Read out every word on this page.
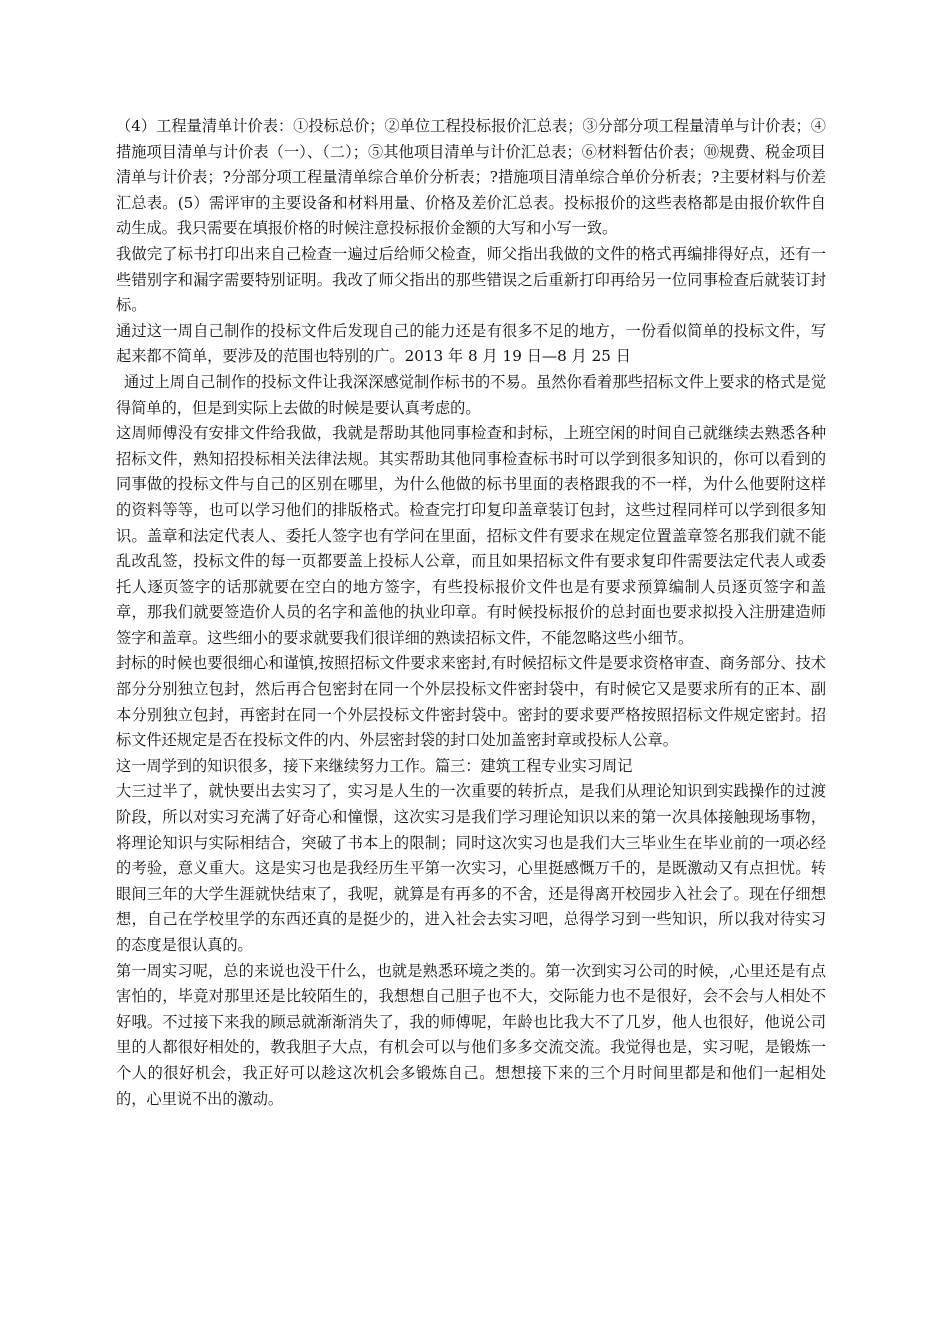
（4）工程量清单计价表：①投标总价；②单位工程投标报价汇总表；③分部分项工程量清单与计价表；④措施项目清单与计价表（一）、（二）；⑤其他项目清单与计价汇总表；⑥材料暂估价表；⑩规费、税金项目清单与计价表；?分部分项工程量清单综合单价分析表；?措施项目清单综合单价分析表；?主要材料与价差汇总表。(5）需评审的主要设备和材料用量、价格及差价汇总表。投标报价的这些表格都是由报价软件自动生成。我只需要在填报价格的时候注意投标报价金额的大写和小写一致。

我做完了标书打印出来自己检查一遍过后给师父检查，师父指出我做的文件的格式再编排得好点，还有一些错别字和漏字需要特别证明。我改了师父指出的那些错误之后重新打印再给另一位同事检查后就装订封标。

通过这一周自己制作的投标文件后发现自己的能力还是有很多不足的地方，一份看似简单的投标文件，写起来都不简单，要涉及的范围也特别的广。2013 年 8 月 19 日—8 月 25 日

通过上周自己制作的投标文件让我深深感觉制作标书的不易。虽然你看着那些招标文件上要求的格式是觉得简单的，但是到实际上去做的时候是要认真考虑的。

这周师傅没有安排文件给我做，我就是帮助其他同事检查和封标，上班空闲的时间自己就继续去熟悉各种招标文件，熟知招投标相关法律法规。其实帮助其他同事检查标书时可以学到很多知识的，你可以看到的同事做的投标文件与自己的区别在哪里，为什么他做的标书里面的表格跟我的不一样，为什么他要附这样的资料等等，也可以学习他们的排版格式。检查完打印复印盖章装订包封，这些过程同样可以学到很多知识。盖章和法定代表人、委托人签字也有学问在里面，招标文件有要求在规定位置盖章签名那我们就不能乱改乱签，投标文件的每一页都要盖上投标人公章，而且如果招标文件有要求复印件需要法定代表人或委托人逐页签字的话那就要在空白的地方签字，有些投标报价文件也是有要求预算编制人员逐页签字和盖章，那我们就要签造价人员的名字和盖他的执业印章。有时候投标报价的总封面也要求拟投入注册建造师签字和盖章。这些细小的要求就要我们很详细的熟读招标文件，不能忽略这些小细节。

封标的时候也要很细心和谨慎,按照招标文件要求来密封,有时候招标文件是要求资格审查、商务部分、技术部分分别独立包封，然后再合包密封在同一个外层投标文件密封袋中，有时候它又是要求所有的正本、副本分别独立包封，再密封在同一个外层投标文件密封袋中。密封的要求要严格按照招标文件规定密封。招标文件还规定是否在投标文件的内、外层密封袋的封口处加盖密封章或投标人公章。

这一周学到的知识很多，接下来继续努力工作。篇三：建筑工程专业实习周记

大三过半了，就快要出去实习了，实习是人生的一次重要的转折点，是我们从理论知识到实践操作的过渡阶段，所以对实习充满了好奇心和憧憬，这次实习是我们学习理论知识以来的第一次具体接触现场事物，将理论知识与实际相结合，突破了书本上的限制；同时这次实习也是我们大三毕业生在毕业前的一项必经的考验，意义重大。这是实习也是我经历生平第一次实习，心里挺感慨万千的，是既激动又有点担忧。转眼间三年的大学生涯就快结束了，我呢，就算是有再多的不舍，还是得离开校园步入社会了。现在仔细想想，自己在学校里学的东西还真的是挺少的，进入社会去实习吧，总得学习到一些知识，所以我对待实习的态度是很认真的。

第一周实习呢，总的来说也没干什么，也就是熟悉环境之类的。第一次到实习公司的时候，,心里还是有点害怕的，毕竟对那里还是比较陌生的，我想想自己胆子也不大，交际能力也不是很好，会不会与人相处不好哦。不过接下来我的顾忌就渐渐消失了，我的师傅呢，年龄也比我大不了几岁，他人也很好，他说公司里的人都很好相处的，教我胆子大点，有机会可以与他们多多交流交流。我觉得也是，实习呢，是锻炼一个人的很好机会，我正好可以趁这次机会多锻炼自己。想想接下来的三个月时间里都是和他们一起相处的，心里说不出的激动。
